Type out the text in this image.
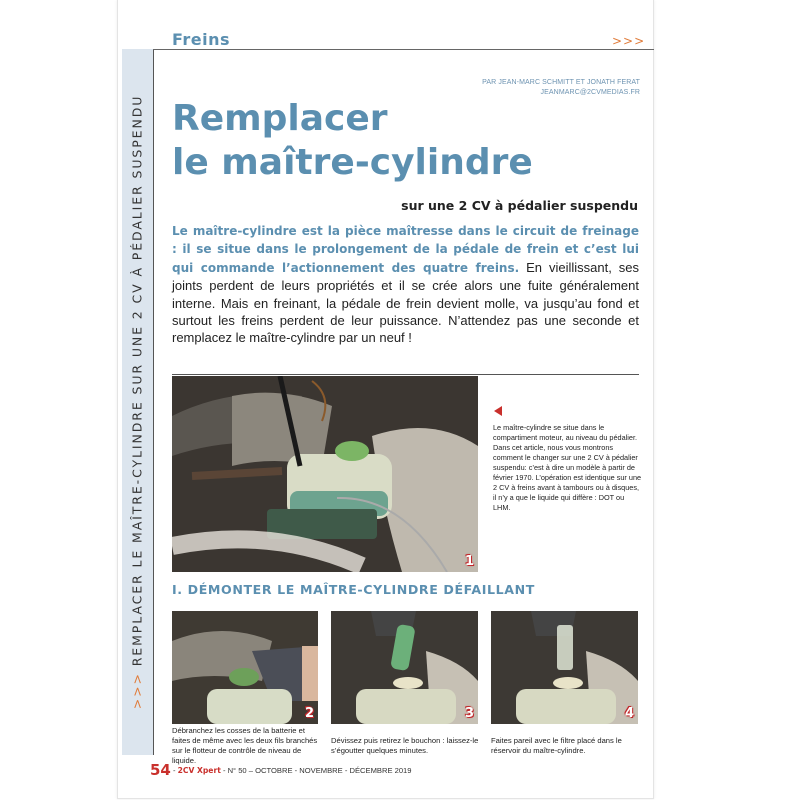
>>> REMPLACER LE MAÎTRE-CYLINDRE SUR UNE 2 CV À PÉDALIER SUSPENDU
Freins	>>>
PAR JEAN-MARC SCHMITT ET JONATH FERAT
JEANMARC@2CVMEDIAS.FR
Remplacer
le maître-cylindre
sur une 2 CV à pédalier suspendu
Le maître-cylindre est la pièce maîtresse dans le circuit de freinage : il se situe dans le prolongement de la pédale de frein et c’est lui qui commande l’actionnement des quatre freins. En vieillissant, ses joints perdent de leurs propriétés et il se crée alors une fuite généralement interne. Mais en freinant, la pédale de frein devient molle, va jusqu’au fond et surtout les freins perdent de leur puissance. N’attendez pas une seconde et remplacez le maître-cylindre par un neuf !
1
Le maître-cylindre se situe dans le compartiment moteur, au niveau du pédalier. Dans cet article, nous vous montrons comment le changer sur une 2 CV à pédalier suspendu: c’est à dire un modèle à partir de février 1970. L’opération est identique sur une 2 CV à freins avant à tambours ou à disques, il n’y a que le liquide qui diffère : DOT ou LHM.
I. DÉMONTER LE MAÎTRE-CYLINDRE DÉFAILLANT
2	3	4
Débranchez les cosses de la batterie et faites de même avec les deux fils branchés sur le flotteur de contrôle de niveau de liquide.
Dévissez puis retirez le bouchon : laissez-le s’égoutter quelques minutes.
Faites pareil avec le filtre placé dans le réservoir du maître-cylindre.
54 - 2CV Xpert - N° 50 – OCTOBRE - NOVEMBRE - DÉCEMBRE 2019
